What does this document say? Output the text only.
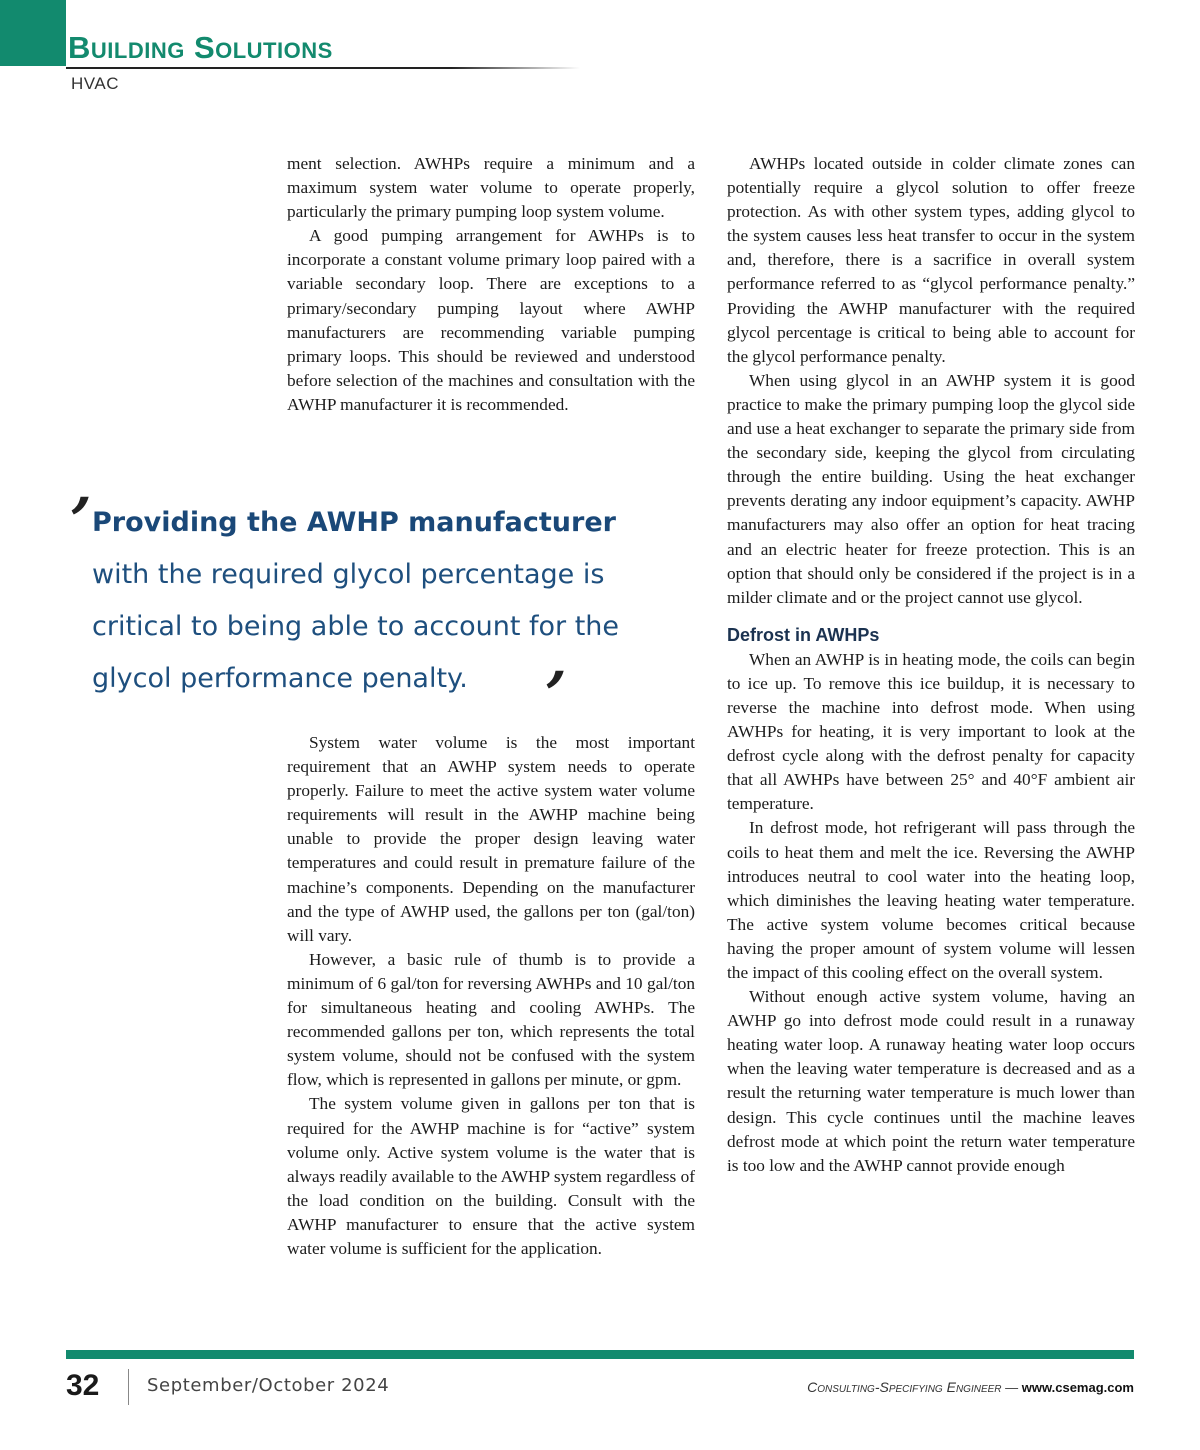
Building Solutions
HVAC

ment selection. AWHPs require a minimum and a maximum system water volume to operate properly, particularly the primary pumping loop system volume.

A good pumping arrangement for AWHPs is to incorporate a constant volume primary loop paired with a variable secondary loop. There are exceptions to a primary/secondary pumping layout where AWHP manufacturers are recommending variable pumping primary loops. This should be reviewed and understood before selection of the machines and consultation with the AWHP manufacturer it is recommended.

’
Providing the AWHP manufacturer with the required glycol percentage is critical to being able to account for the glycol performance penalty.	’

System water volume is the most important requirement that an AWHP system needs to operate properly. Failure to meet the active system water volume requirements will result in the AWHP machine being unable to provide the proper design leaving water temperatures and could result in premature failure of the machine’s components. Depending on the manufacturer and the type of AWHP used, the gallons per ton (gal/ton) will vary.

However, a basic rule of thumb is to provide a minimum of 6 gal/ton for reversing AWHPs and 10 gal/ton for simultaneous heating and cooling AWHPs. The recommended gallons per ton, which represents the total system volume, should not be confused with the system flow, which is represented in gallons per minute, or gpm.

The system volume given in gallons per ton that is required for the AWHP machine is for “active” system volume only. Active system volume is the water that is always readily available to the AWHP system regardless of the load condition on the building. Consult with the AWHP manufacturer to ensure that the active system water volume is sufficient for the application.

AWHPs located outside in colder climate zones can potentially require a glycol solution to offer freeze protection. As with other system types, adding glycol to the system causes less heat transfer to occur in the system and, therefore, there is a sacrifice in overall system performance referred to as “glycol performance penalty.” Providing the AWHP manufacturer with the required glycol percentage is critical to being able to account for the glycol performance penalty.

When using glycol in an AWHP system it is good practice to make the primary pumping loop the glycol side and use a heat exchanger to separate the primary side from the secondary side, keeping the glycol from circulating through the entire building. Using the heat exchanger prevents derating any indoor equipment’s capacity. AWHP manufacturers may also offer an option for heat tracing and an electric heater for freeze protection. This is an option that should only be considered if the project is in a milder climate and or the project cannot use glycol.

Defrost in AWHPs

When an AWHP is in heating mode, the coils can begin to ice up. To remove this ice buildup, it is necessary to reverse the machine into defrost mode. When using AWHPs for heating, it is very important to look at the defrost cycle along with the defrost penalty for capacity that all AWHPs have between 25° and 40°F ambient air temperature.

In defrost mode, hot refrigerant will pass through the coils to heat them and melt the ice. Reversing the AWHP introduces neutral to cool water into the heating loop, which diminishes the leaving heating water temperature. The active system volume becomes critical because having the proper amount of system volume will lessen the impact of this cooling effect on the overall system.

Without enough active system volume, having an AWHP go into defrost mode could result in a runaway heating water loop. A runaway heating water loop occurs when the leaving water temperature is decreased and as a result the returning water temperature is much lower than design. This cycle continues until the machine leaves defrost mode at which point the return water temperature is too low and the AWHP cannot provide enough

32	September/October 2024	Consulting-Specifying Engineer — www.csemag.com
